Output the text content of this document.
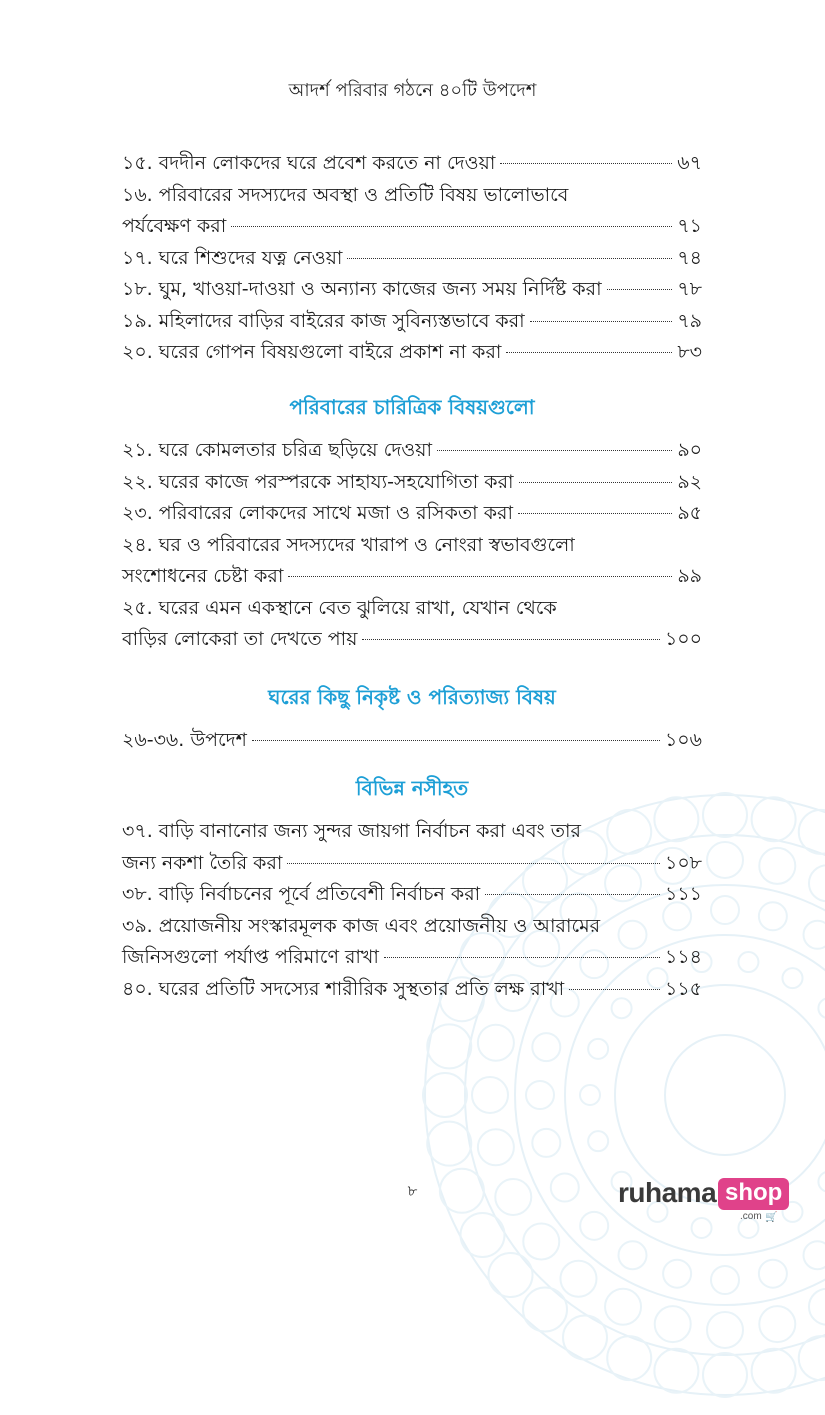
আদর্শ পরিবার গঠনে ৪০টি উপদেশ
১৫. বদদীন লোকদের ঘরে প্রবেশ করতে না দেওয়া	৬৭
১৬. পরিবারের সদস্যদের অবস্থা ও প্রতিটি বিষয় ভালোভাবে
পর্যবেক্ষণ করা	৭১
১৭. ঘরে শিশুদের যত্ন নেওয়া	৭৪
১৮. ঘুম, খাওয়া-দাওয়া ও অন্যান্য কাজের জন্য সময় নির্দিষ্ট করা	৭৮
১৯. মহিলাদের বাড়ির বাইরের কাজ সুবিন্যস্তভাবে করা	৭৯
২০. ঘরের গোপন বিষয়গুলো বাইরে প্রকাশ না করা	৮৩
পরিবারের চারিত্রিক বিষয়গুলো
২১. ঘরে কোমলতার চরিত্র ছড়িয়ে দেওয়া	৯০
২২. ঘরের কাজে পরস্পরকে সাহায্য-সহযোগিতা করা	৯২
২৩. পরিবারের লোকদের সাথে মজা ও রসিকতা করা	৯৫
২৪. ঘর ও পরিবারের সদস্যদের খারাপ ও নোংরা স্বভাবগুলো
সংশোধনের চেষ্টা করা	৯৯
২৫. ঘরের এমন একস্থানে বেত ঝুলিয়ে রাখা, যেখান থেকে
বাড়ির লোকেরা তা দেখতে পায়	১০০
ঘরের কিছু নিকৃষ্ট ও পরিত্যাজ্য বিষয়
২৬-৩৬. উপদেশ	১০৬
বিভিন্ন নসীহত
৩৭. বাড়ি বানানোর জন্য সুন্দর জায়গা নির্বাচন করা এবং তার
জন্য নকশা তৈরি করা	১০৮
৩৮. বাড়ি নির্বাচনের পূর্বে প্রতিবেশী নির্বাচন করা	১১১
৩৯. প্রয়োজনীয় সংস্কারমূলক কাজ এবং প্রয়োজনীয় ও আরামের
জিনিসগুলো পর্যাপ্ত পরিমাণে রাখা	১১৪
৪০. ঘরের প্রতিটি সদস্যের শারীরিক সুস্থতার প্রতি লক্ষ রাখা	১১৫
৮	ruhama shop
.com 🛒
